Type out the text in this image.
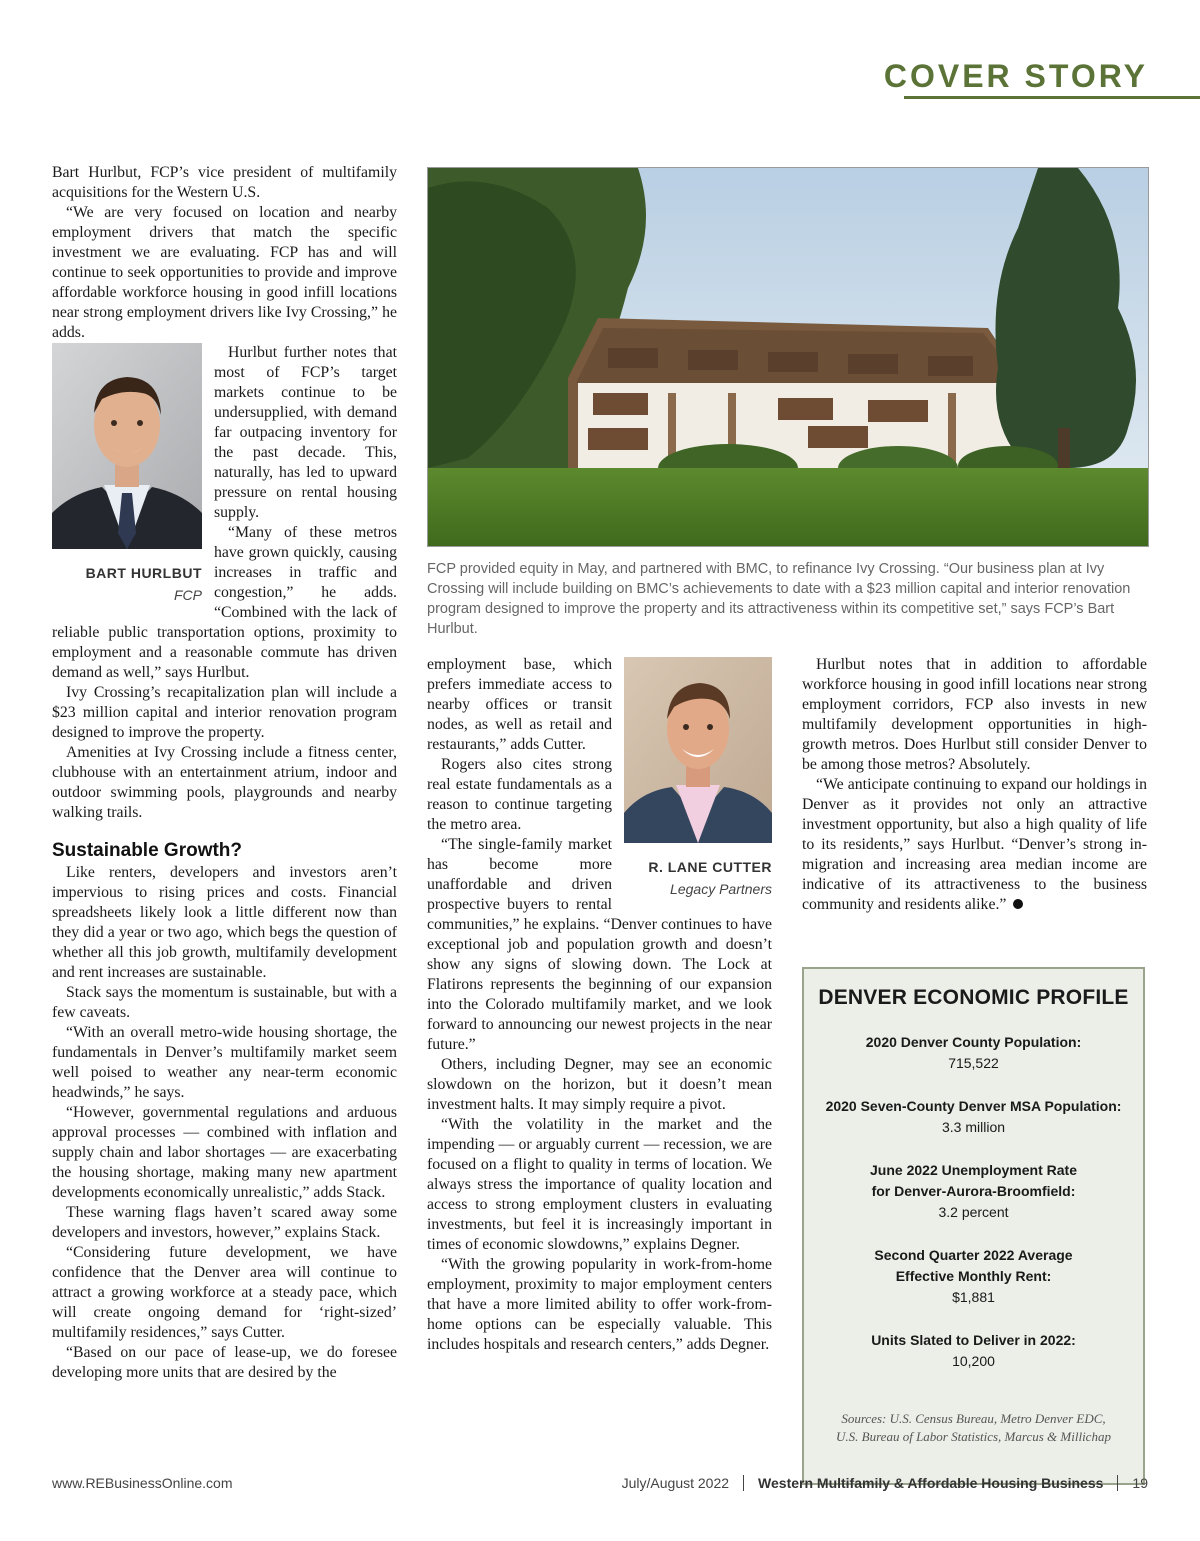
COVER STORY

Bart Hurlbut, FCP’s vice president of multifamily acquisitions for the Western U.S.

“We are very focused on location and nearby employment drivers that match the specific investment we are evaluating. FCP has and will continue to seek opportunities to provide and improve affordable workforce housing in good infill locations near strong employment drivers like Ivy Crossing,” he adds.

BART HURLBUT
FCP

Hurlbut further notes that most of FCP’s target markets continue to be undersupplied, with demand far outpacing inventory for the past decade. This, naturally, has led to upward pressure on rental housing supply.

“Many of these metros have grown quickly, causing increases in traffic and congestion,” he adds. “Combined with the lack of reliable public transportation options, proximity to employment and a reasonable commute has driven demand as well,” says Hurlbut.

Ivy Crossing’s recapitalization plan will include a $23 million capital and interior renovation program designed to improve the property.

Amenities at Ivy Crossing include a fitness center, clubhouse with an entertainment atrium, indoor and outdoor swimming pools, playgrounds and nearby walking trails.

Sustainable Growth?

Like renters, developers and investors aren’t impervious to rising prices and costs. Financial spreadsheets likely look a little different now than they did a year or two ago, which begs the question of whether all this job growth, multifamily development and rent increases are sustainable.

Stack says the momentum is sustainable, but with a few caveats.

“With an overall metro-wide housing shortage, the fundamentals in Denver’s multifamily market seem well poised to weather any near-term economic headwinds,” he says.

“However, governmental regulations and arduous approval processes — combined with inflation and supply chain and labor shortages — are exacerbating the housing shortage, making many new apartment developments economically unrealistic,” adds Stack.

These warning flags haven’t scared away some developers and investors, however,” explains Stack.

“Considering future development, we have confidence that the Denver area will continue to attract a growing workforce at a steady pace, which will create ongoing demand for ‘right-sized’ multifamily residences,” says Cutter.

“Based on our pace of lease-up, we do foresee developing more units that are desired by the

FCP provided equity in May, and partnered with BMC, to refinance Ivy Crossing. “Our business plan at Ivy Crossing will include building on BMC’s achievements to date with a $23 million capital and interior renovation program designed to improve the property and its attractiveness within its competitive set,” says FCP’s Bart Hurlbut.
R. LANE CUTTER
Legacy Partners

employment base, which prefers immediate access to nearby offices or transit nodes, as well as retail and restaurants,” adds Cutter.

Rogers also cites strong real estate fundamentals as a reason to continue targeting the metro area.

“The single-family market has become more unaffordable and driven prospective buyers to rental communities,” he explains. “Denver continues to have exceptional job and population growth and doesn’t show any signs of slowing down. The Lock at Flatirons represents the beginning of our expansion into the Colorado multifamily market, and we look forward to announcing our newest projects in the near future.”

Others, including Degner, may see an economic slowdown on the horizon, but it doesn’t mean investment halts. It may simply require a pivot.

“With the volatility in the market and the impending — or arguably current — recession, we are focused on a flight to quality in terms of location. We always stress the importance of quality location and access to strong employment clusters in evaluating investments, but feel it is increasingly important in times of economic slowdowns,” explains Degner.

“With the growing popularity in work-from-home employment, proximity to major employment centers that have a more limited ability to offer work-from-home options can be especially valuable. This includes hospitals and research centers,” adds Degner.

Hurlbut notes that in addition to affordable workforce housing in good infill locations near strong employment corridors, FCP also invests in new multifamily development opportunities in high-growth metros. Does Hurlbut still consider Denver to be among those metros? Absolutely.

“We anticipate continuing to expand our holdings in Denver as it provides not only an attractive investment opportunity, but also a high quality of life to its residents,” says Hurlbut. “Denver’s strong in-migration and increasing area median income are indicative of its attractiveness to the business community and residents alike.”

DENVER ECONOMIC PROFILE
2020 Denver County Population:
715,522
2020 Seven-County Denver MSA Population:
3.3 million
June 2022 Unemployment Rate
for Denver-Aurora-Broomfield:
3.2 percent
Second Quarter 2022 Average
Effective Monthly Rent:
$1,881
Units Slated to Deliver in 2022:
10,200
Sources: U.S. Census Bureau, Metro Denver EDC,
U.S. Bureau of Labor Statistics, Marcus & Millichap
www.REBusinessOnline.com	July/August 2022 Western Multifamily & Affordable Housing Business 19
